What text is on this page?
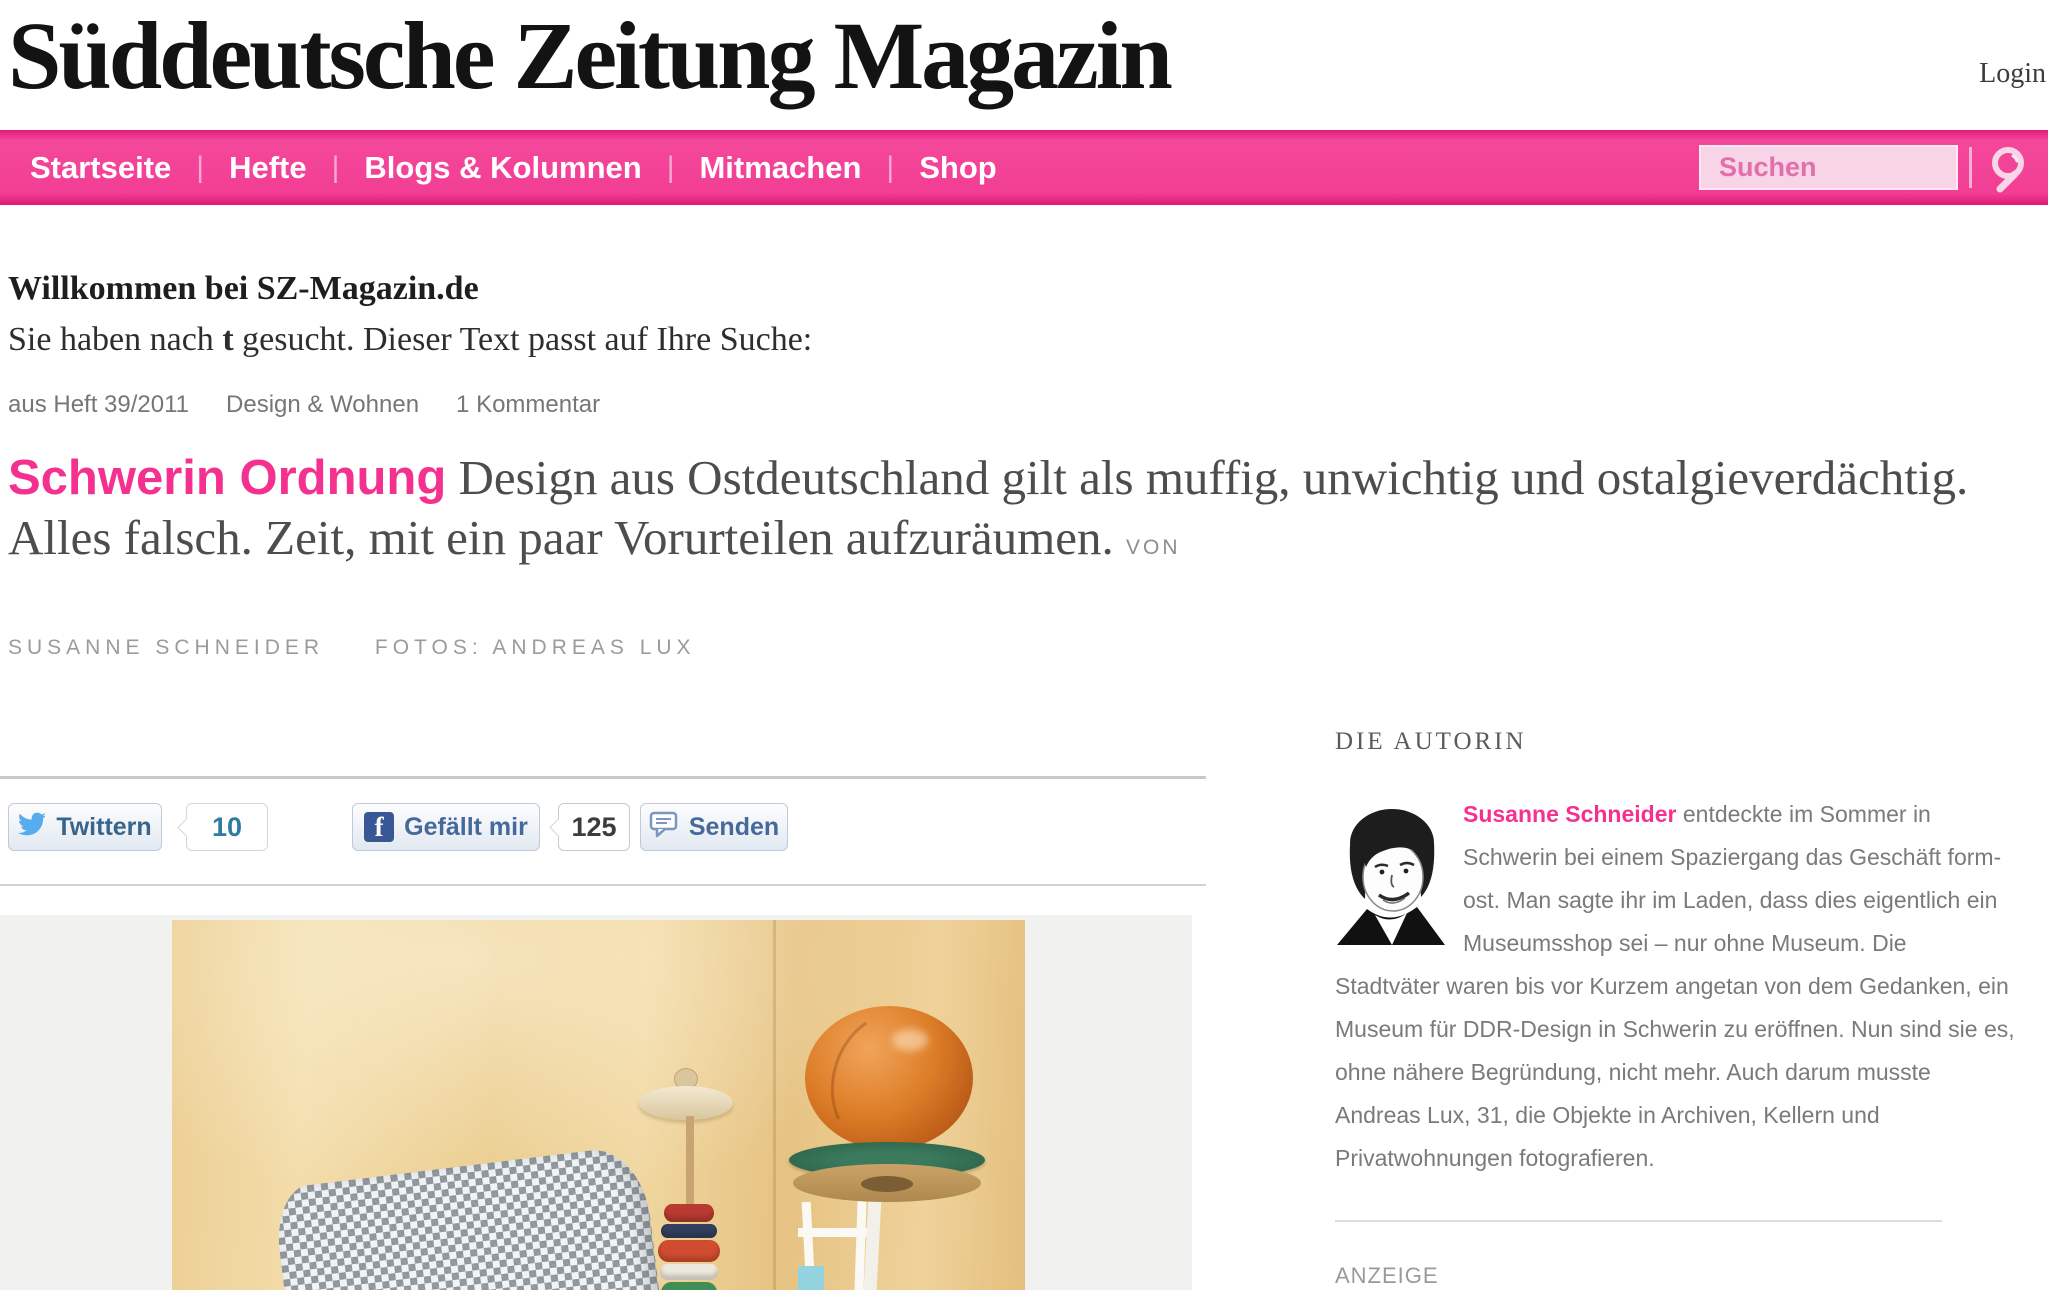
Süddeutsche Zeitung Magazin	Login
Startseite | Hefte | Blogs & Kolumnen | Mitmachen | Shop
Suchen
Willkommen bei SZ-Magazin.de
Sie haben nach t gesucht. Dieser Text passt auf Ihre Suche:
aus Heft 39/2011 Design & Wohnen 1 Kommentar
Schwerin Ordnung Design aus Ostdeutschland gilt als muffig, unwichtig und ostalgieverdächtig. Alles falsch. Zeit, mit ein paar Vorurteilen aufzuräumen. VON
SUSANNE SCHNEIDER FOTOS: ANDREAS LUX
Twittern 10	f Gefällt mir 125	Senden
DIE AUTORIN
Susanne Schneider entdeckte im Sommer in Schwerin bei einem Spaziergang das Geschäft form-ost. Man sagte ihr im Laden, dass dies eigentlich ein Museumsshop sei – nur ohne Museum. Die Stadtväter waren bis vor Kurzem angetan von dem Gedanken, ein Museum für DDR-Design in Schwerin zu eröffnen. Nun sind sie es, ohne nähere Begründung, nicht mehr. Auch darum musste Andreas Lux, 31, die Objekte in Archiven, Kellern und Privatwohnungen fotografieren.
ANZEIGE
